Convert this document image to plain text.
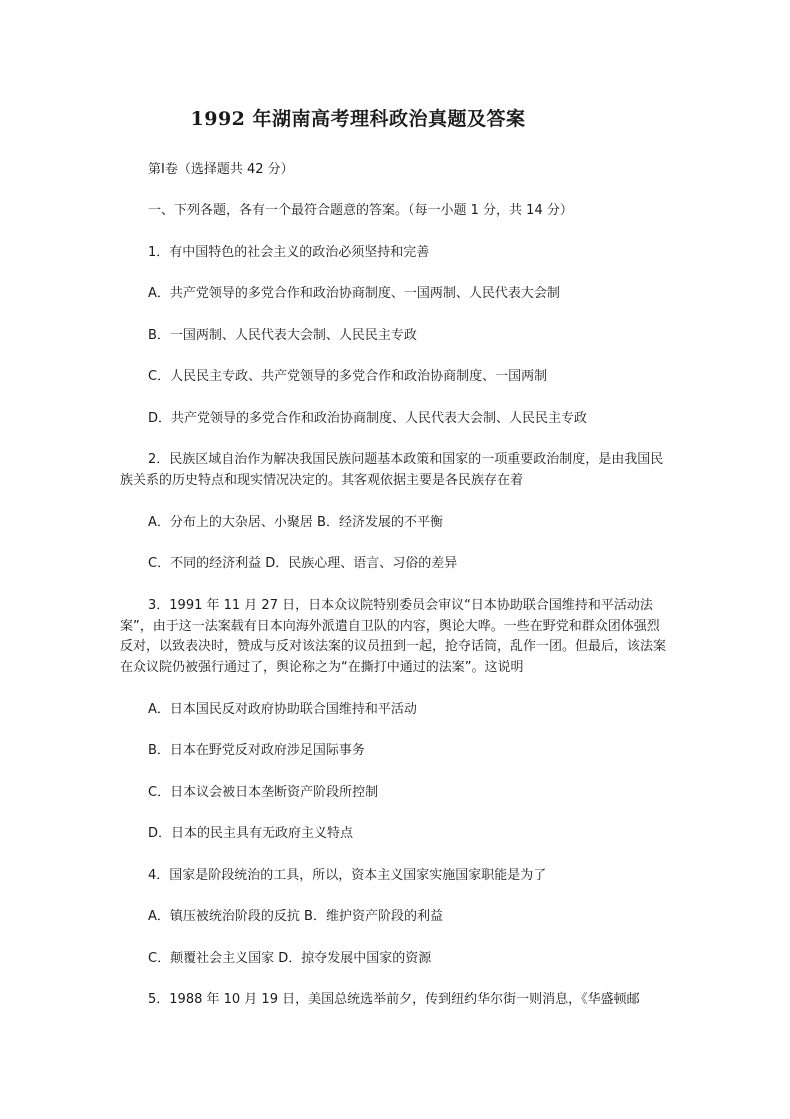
1992 年湖南高考理科政治真题及答案
第Ⅰ卷（选择题共 42 分）
一、下列各题，各有一个最符合题意的答案。（每一小题 1 分，共 14 分）
1．有中国特色的社会主义的政治必须坚持和完善
A．共产党领导的多党合作和政治协商制度、一国两制、人民代表大会制
B．一国两制、人民代表大会制、人民民主专政
C．人民民主专政、共产党领导的多党合作和政治协商制度、一国两制
D．共产党领导的多党合作和政治协商制度、人民代表大会制、人民民主专政
2．民族区域自治作为解决我国民族问题基本政策和国家的一项重要政治制度，是由我国民族关系的历史特点和现实情况决定的。其客观依据主要是各民族存在着
A．分布上的大杂居、小聚居 B．经济发展的不平衡
C．不同的经济利益 D．民族心理、语言、习俗的差异
3．1991 年 11 月 27 日，日本众议院特别委员会审议“日本协助联合国维持和平活动法案”，由于这一法案载有日本向海外派遣自卫队的内容，舆论大哗。一些在野党和群众团体强烈反对，以致表决时，赞成与反对该法案的议员扭到一起，抢夺话筒，乱作一团。但最后，该法案在众议院仍被强行通过了，舆论称之为“在撕打中通过的法案”。这说明
A．日本国民反对政府协助联合国维持和平活动
B．日本在野党反对政府涉足国际事务
C．日本议会被日本垄断资产阶段所控制
D．日本的民主具有无政府主义特点
4．国家是阶段统治的工具，所以，资本主义国家实施国家职能是为了
A．镇压被统治阶段的反抗 B．维护资产阶段的利益
C．颠覆社会主义国家 D．掠夺发展中国家的资源
5．1988 年 10 月 19 日，美国总统选举前夕，传到纽约华尔街一则消息，《华盛顿邮
